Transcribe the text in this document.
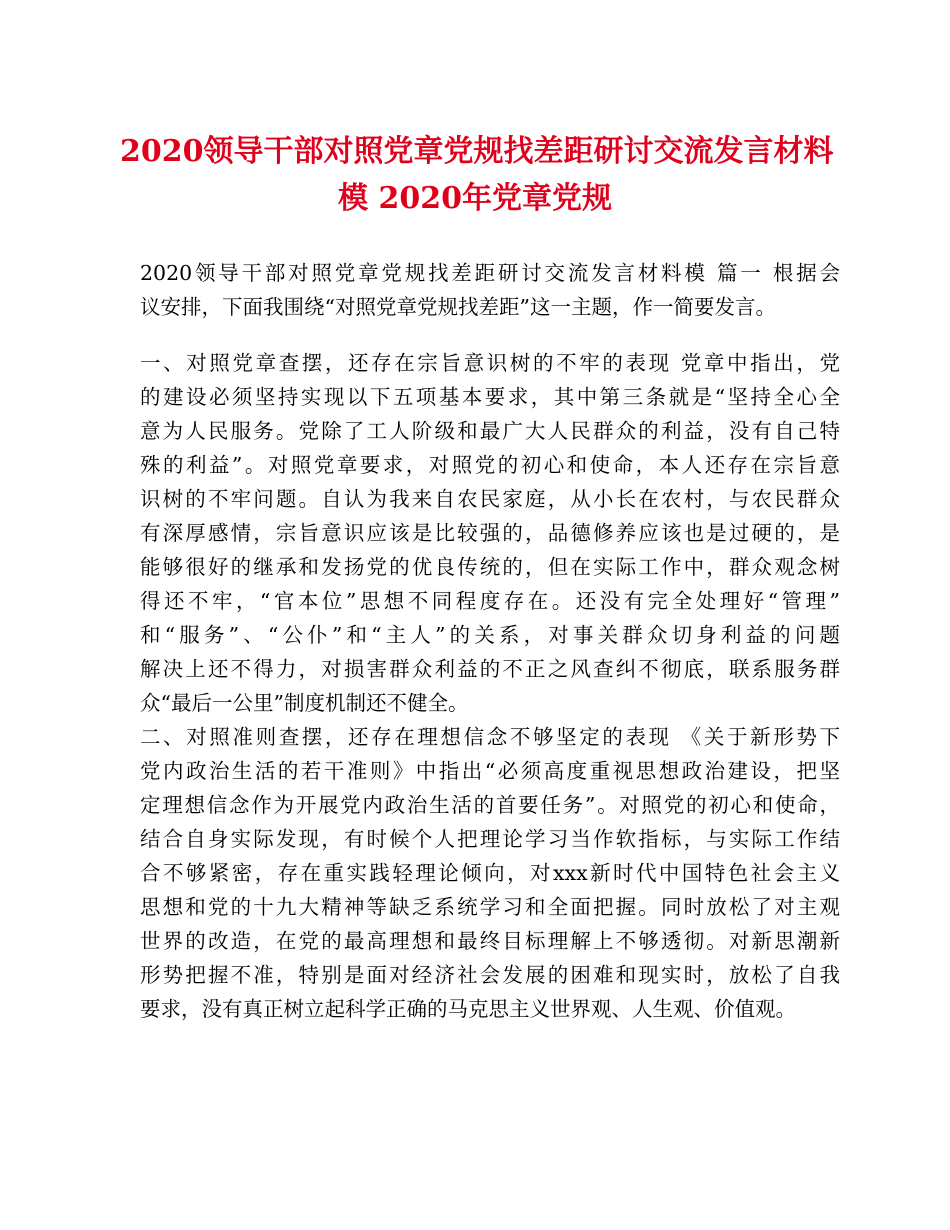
2020领导干部对照党章党规找差距研讨交流发言材料
模 2020年党章党规
2020领导干部对照党章党规找差距研讨交流发言材料模 篇一 根据会
议安排，下面我围绕“对照党章党规找差距”这一主题，作一简要发言。
一、对照党章查摆，还存在宗旨意识树的不牢的表现 党章中指出，党
的建设必须坚持实现以下五项基本要求，其中第三条就是“坚持全心全
意为人民服务。党除了工人阶级和最广大人民群众的利益，没有自己特
殊的利益”。对照党章要求，对照党的初心和使命，本人还存在宗旨意
识树的不牢问题。自认为我来自农民家庭，从小长在农村，与农民群众
有深厚感情，宗旨意识应该是比较强的，品德修养应该也是过硬的，是
能够很好的继承和发扬党的优良传统的，但在实际工作中，群众观念树
得还不牢，“官本位”思想不同程度存在。还没有完全处理好“管理”
和“服务”、“公仆”和“主人”的关系，对事关群众切身利益的问题
解决上还不得力，对损害群众利益的不正之风查纠不彻底，联系服务群
众“最后一公里”制度机制还不健全。
二、对照准则查摆，还存在理想信念不够坚定的表现 《关于新形势下
党内政治生活的若干准则》中指出“必须高度重视思想政治建设，把坚
定理想信念作为开展党内政治生活的首要任务”。对照党的初心和使命，
结合自身实际发现，有时候个人把理论学习当作软指标，与实际工作结
合不够紧密，存在重实践轻理论倾向，对xxx新时代中国特色社会主义
思想和党的十九大精神等缺乏系统学习和全面把握。同时放松了对主观
世界的改造，在党的最高理想和最终目标理解上不够透彻。对新思潮新
形势把握不准，特别是面对经济社会发展的困难和现实时，放松了自我
要求，没有真正树立起科学正确的马克思主义世界观、人生观、价值观。
